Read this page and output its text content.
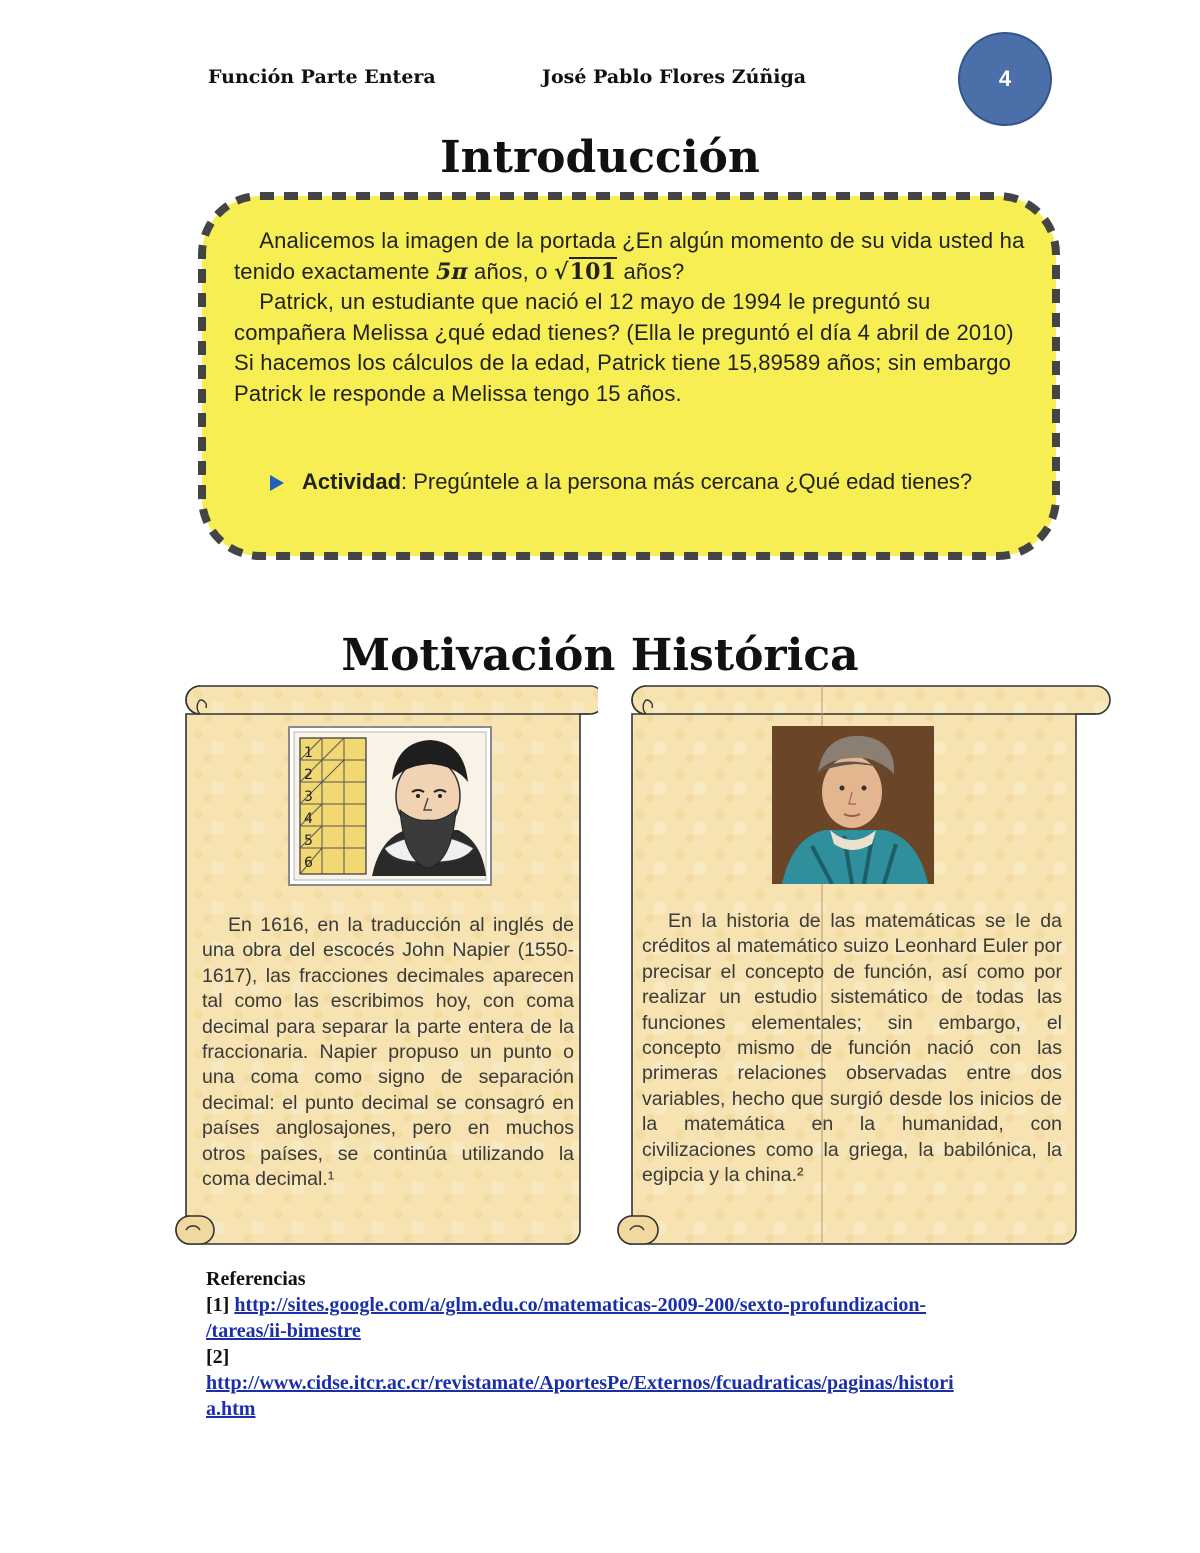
Función Parte Entera	José Pablo Flores Zúñiga	4
Introducción

Analicemos la imagen de la portada ¿En algún momento de su vida usted ha tenido exactamente 5π años, o √101 años?

Patrick, un estudiante que nació el 12 mayo de 1994 le preguntó su compañera Melissa ¿qué edad tienes? (Ella le preguntó el día 4 abril de 2010) Si hacemos los cálculos de la edad, Patrick tiene 15,89589 años; sin embargo Patrick le responde a Melissa tengo 15 años.

Actividad: Pregúntele a la persona más cercana ¿Qué edad tienes?
Motivación Histórica
1
2
3
4
5
6
En 1616, en la traducción al inglés de una obra del escocés John Napier (1550-1617), las fracciones decimales aparecen tal como las escribimos hoy, con coma decimal para separar la parte entera de la fraccionaria. Napier propuso un punto o una coma como signo de separación decimal: el punto decimal se consagró en países anglosajones, pero en muchos otros países, se continúa utilizando la coma decimal.¹
En la historia de las matemáticas se le da créditos al matemático suizo Leonhard Euler por precisar el concepto de función, así como por realizar un estudio sistemático de todas las funciones elementales; sin embargo, el concepto mismo de función nació con las primeras relaciones observadas entre dos variables, hecho que surgió desde los inicios de la matemática en la humanidad, con civilizaciones como la griega, la babilónica, la egipcia y la china.²
Referencias
[1] http://sites.google.com/a/glm.edu.co/matematicas-2009-200/sexto-profundizacion-
/tareas/ii-bimestre
[2]
http://www.cidse.itcr.ac.cr/revistamate/AportesPe/Externos/fcuadraticas/paginas/histori
a.htm
